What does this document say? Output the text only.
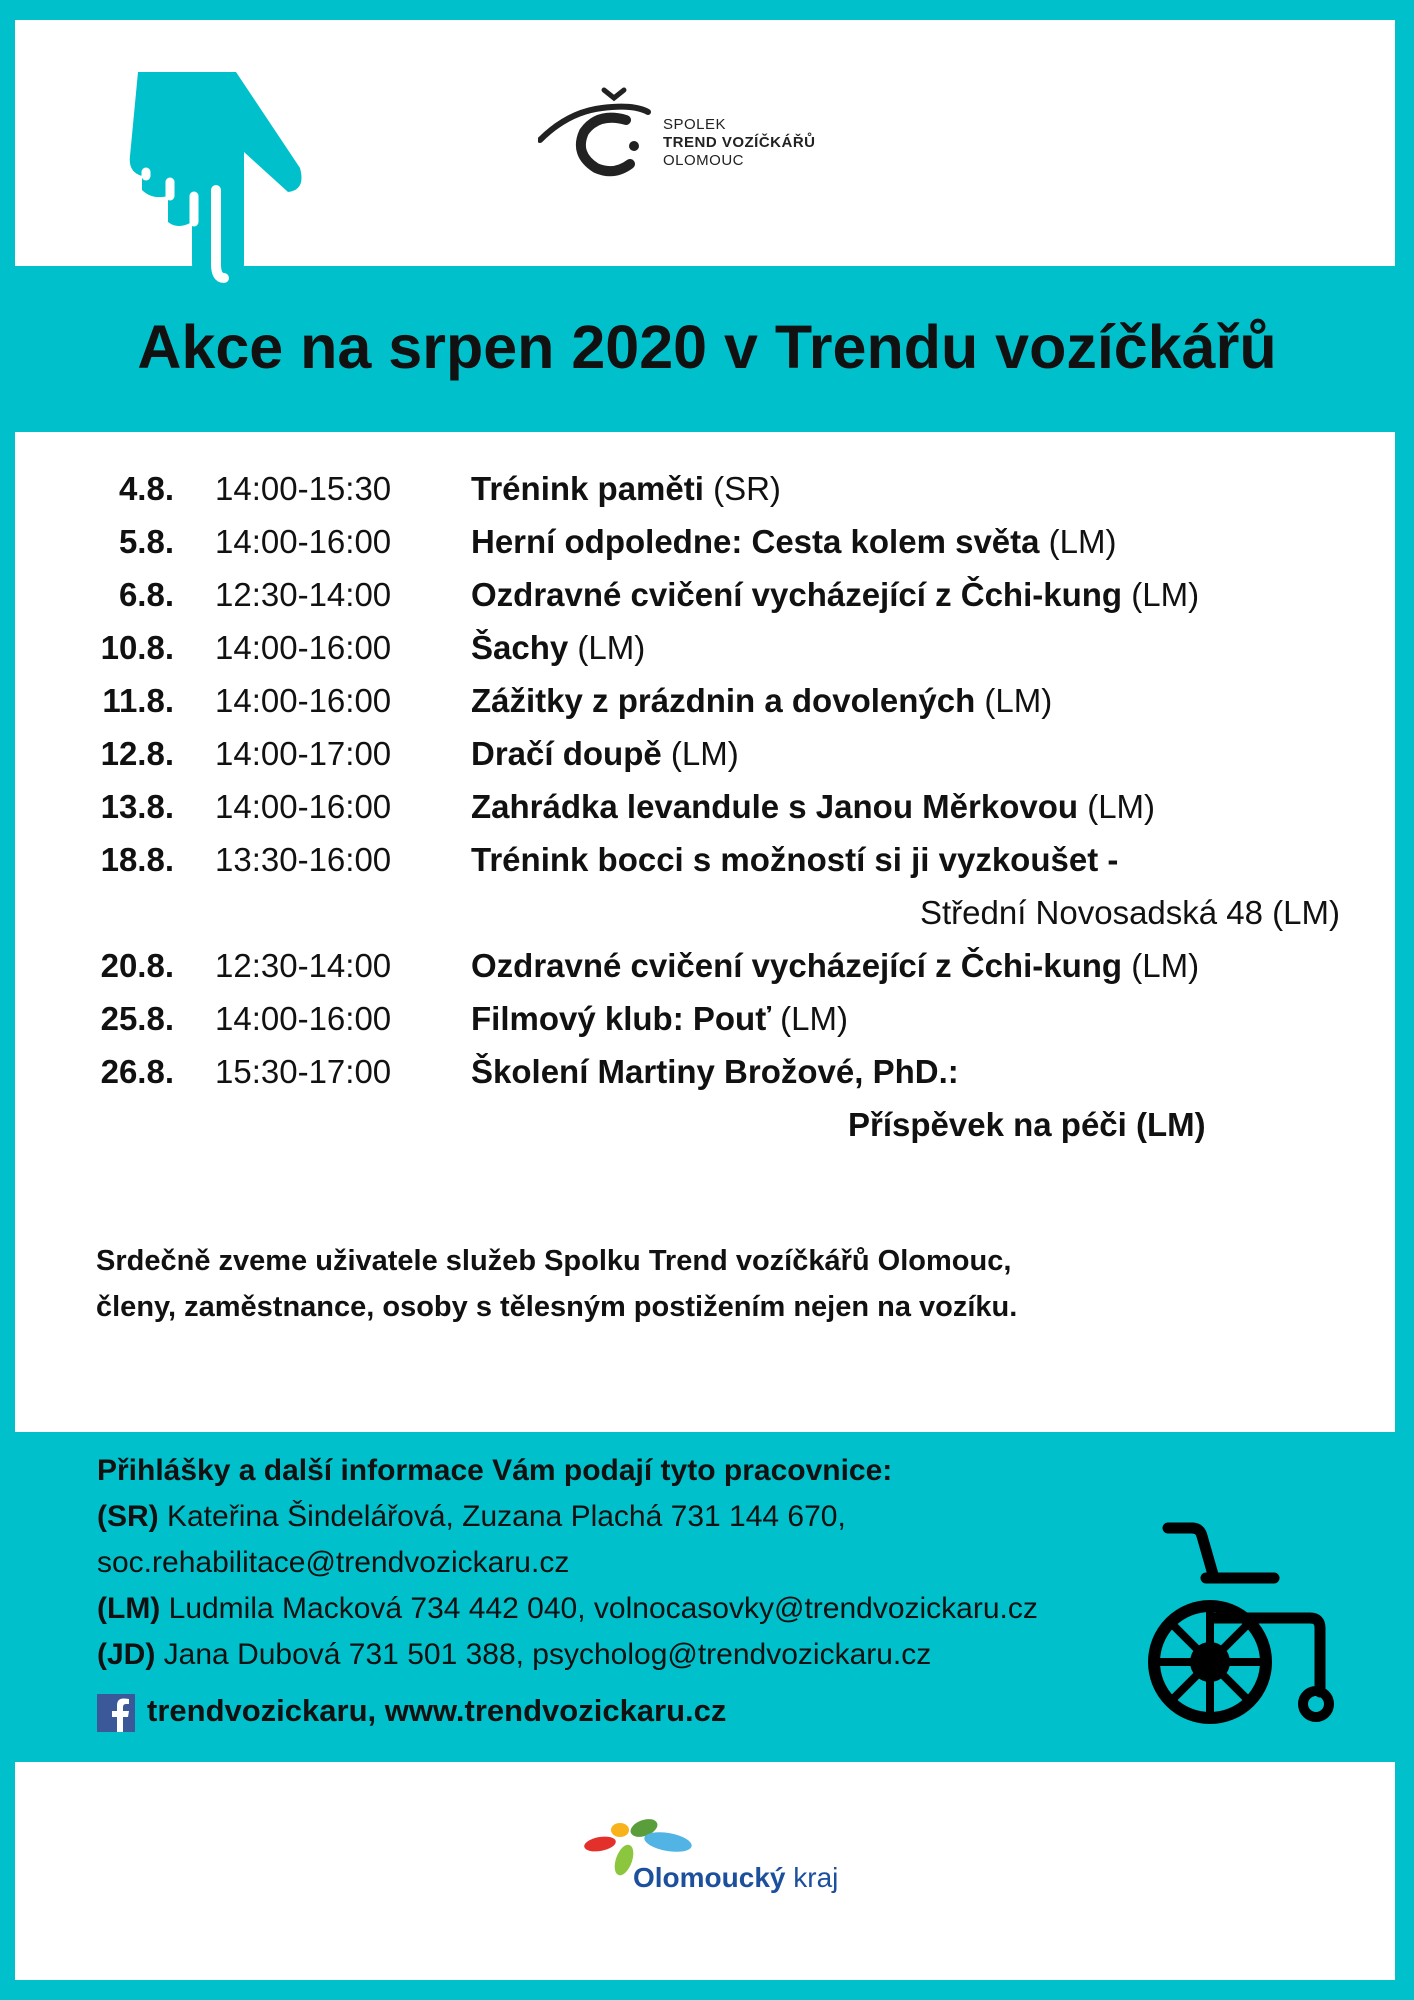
SPOLEK
TREND VOZÍČKÁŘŮ
OLOMOUC
Akce na srpen 2020 v Trendu vozíčkářů
4.8. 14:00-15:30 Trénink paměti (SR)
5.8. 14:00-16:00 Herní odpoledne: Cesta kolem světa (LM)
6.8. 12:30-14:00 Ozdravné cvičení vycházející z Čchi-kung (LM)
10.8. 14:00-16:00 Šachy (LM)
11.8. 14:00-16:00 Zážitky z prázdnin a dovolených (LM)
12.8. 14:00-17:00 Dračí doupě (LM)
13.8. 14:00-16:00 Zahrádka levandule s Janou Měrkovou (LM)
18.8. 13:30-16:00 Trénink bocci s možností si ji vyzkoušet -
Střední Novosadská 48 (LM)
20.8. 12:30-14:00 Ozdravné cvičení vycházející z Čchi-kung (LM)
25.8. 14:00-16:00 Filmový klub: Pouť (LM)
26.8. 15:30-17:00 Školení Martiny Brožové, PhD.:
Příspěvek na péči (LM)
Srdečně zveme uživatele služeb Spolku Trend vozíčkářů Olomouc,
členy, zaměstnance, osoby s tělesným postižením nejen na vozíku.
Přihlášky a další informace Vám podají tyto pracovnice:
(SR) Kateřina Šindelářová, Zuzana Plachá 731 144 670,
soc.rehabilitace@trendvozickaru.cz
(LM) Ludmila Macková 734 442 040, volnocasovky@trendvozickaru.cz
(JD) Jana Dubová 731 501 388, psycholog@trendvozickaru.cz
trendvozickaru, www.trendvozickaru.cz
Olomoucký kraj
